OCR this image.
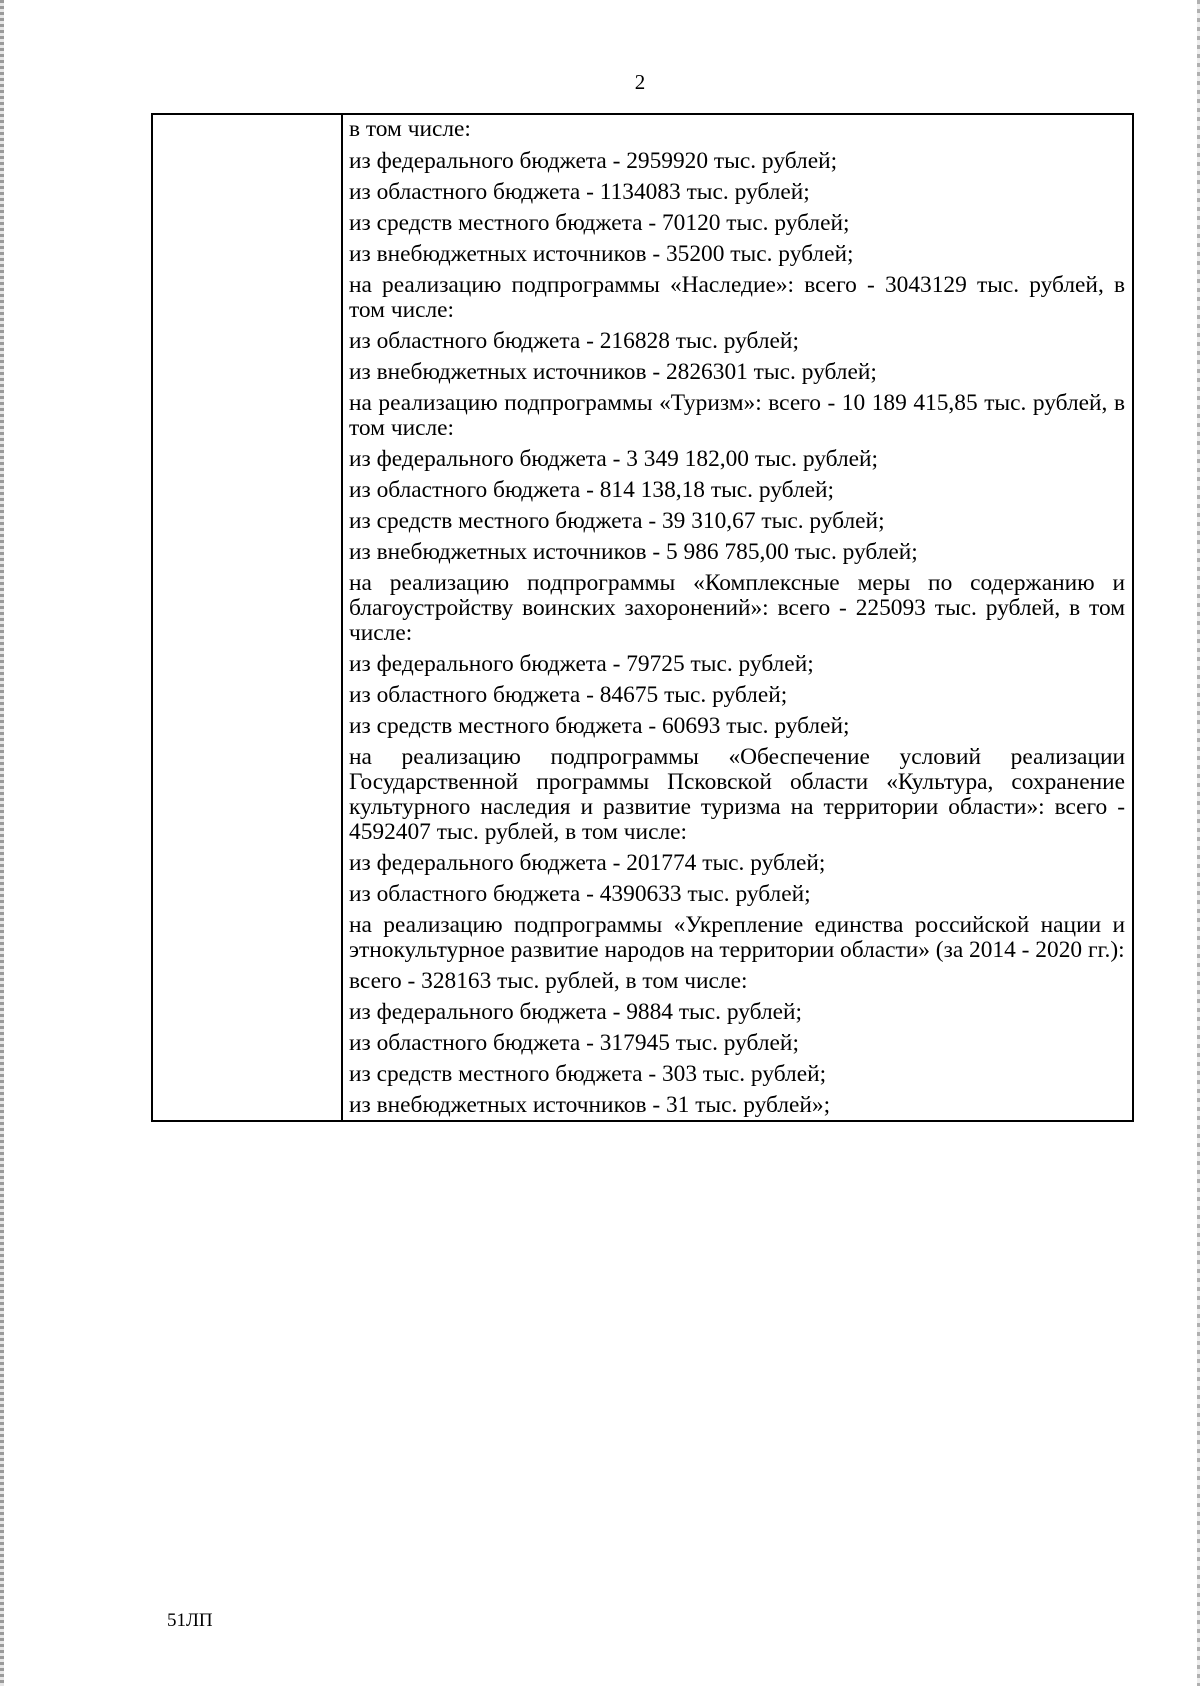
2
в том числе:
из федерального бюджета - 2959920 тыс. рублей;
из областного бюджета - 1134083 тыс. рублей;
из средств местного бюджета - 70120 тыс. рублей;
из внебюджетных источников - 35200 тыс. рублей;
на реализацию подпрограммы «Наследие»: всего - 3043129 тыс. рублей, в том числе:
из областного бюджета - 216828 тыс. рублей;
из внебюджетных источников - 2826301 тыс. рублей;
на реализацию подпрограммы «Туризм»: всего - 10 189 415,85 тыс. рублей, в том числе:
из федерального бюджета - 3 349 182,00 тыс. рублей;
из областного бюджета - 814 138,18 тыс. рублей;
из средств местного бюджета - 39 310,67 тыс. рублей;
из внебюджетных источников - 5 986 785,00 тыс. рублей;
на реализацию подпрограммы «Комплексные меры по содержанию и благоустройству воинских захоронений»: всего - 225093 тыс. рублей, в том числе:
из федерального бюджета - 79725 тыс. рублей;
из областного бюджета - 84675 тыс. рублей;
из средств местного бюджета - 60693 тыс. рублей;
на реализацию подпрограммы «Обеспечение условий реализации Государственной программы Псковской области «Культура, сохранение культурного наследия и развитие туризма на территории области»: всего - 4592407 тыс. рублей, в том числе:
из федерального бюджета - 201774 тыс. рублей;
из областного бюджета - 4390633 тыс. рублей;
на реализацию подпрограммы «Укрепление единства российской нации и этнокультурное развитие народов на территории области» (за 2014 - 2020 гг.):
всего - 328163 тыс. рублей, в том числе:
из федерального бюджета - 9884 тыс. рублей;
из областного бюджета - 317945 тыс. рублей;
из средств местного бюджета - 303 тыс. рублей;
из внебюджетных источников - 31 тыс. рублей»;
51ЛП
